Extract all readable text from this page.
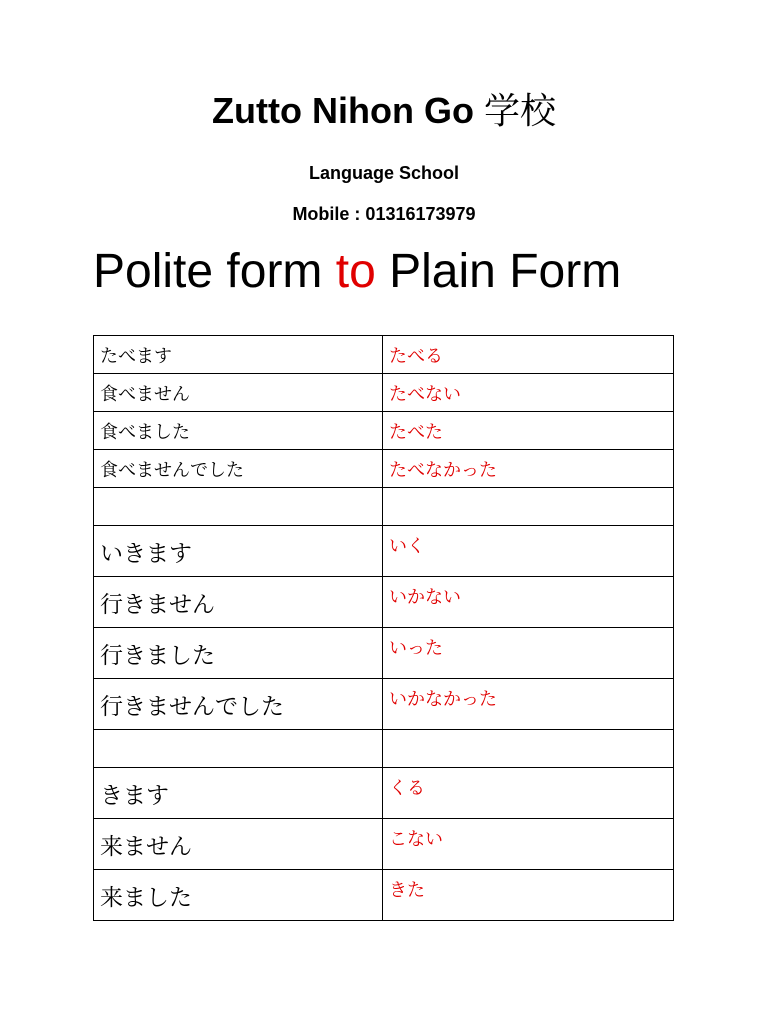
Zutto Nihon Go 学校
Language School
Mobile : 01316173979
Polite form to Plain Form
たべます	たべる
食べません	たべない
食べました	たべた
食べませんでした	たべなかった

いきます	いく
行きません	いかない
行きました	いった
行きませんでした	いかなかった

きます	くる
来ません	こない
来ました	きた
